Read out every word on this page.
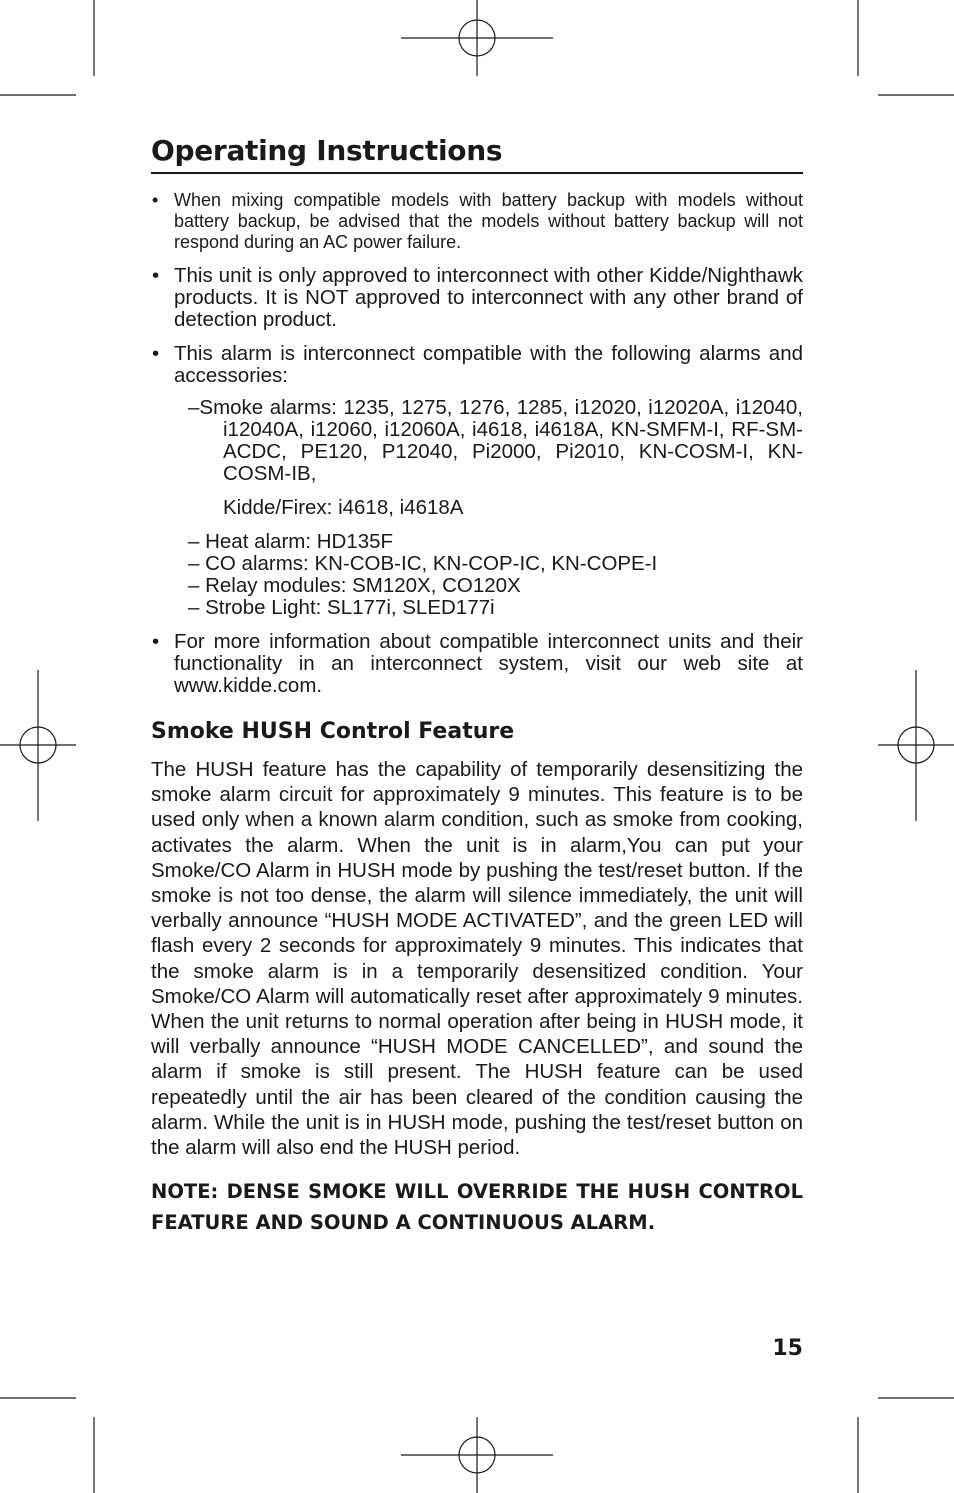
Operating Instructions
• When mixing compatible models with battery backup with models without battery backup, be advised that the models without battery backup will not respond during an AC power failure.
• This unit is only approved to interconnect with other Kidde/Nighthawk products. It is NOT approved to interconnect with any other brand of detection product.
• This alarm is interconnect compatible with the following alarms and accessories:

–Smoke alarms: 1235, 1275, 1276, 1285, i12020, i12020A, i12040, i12040A, i12060, i12060A, i4618, i4618A, KN-SMFM-I, RF-SM-ACDC, PE120, P12040, Pi2000, Pi2010, KN-COSM-I, KN-COSM-IB,

Kidde/Firex: i4618, i4618A

– Heat alarm: HD135F
– CO alarms: KN-COB-IC, KN-COP-IC, KN-COPE-I
– Relay modules: SM120X, CO120X
– Strobe Light: SL177i, SLED177i
• For more information about compatible interconnect units and their functionality in an interconnect system, visit our web site at www.kidde.com.
Smoke HUSH Control Feature

The HUSH feature has the capability of temporarily desensitizing the smoke alarm circuit for approximately 9 minutes. This feature is to be used only when a known alarm condition, such as smoke from cooking, activates the alarm. When the unit is in alarm,You can put your Smoke/CO Alarm in HUSH mode by pushing the test/reset button. If the smoke is not too dense, the alarm will silence immediately, the unit will verbally announce “HUSH MODE ACTIVATED”, and the green LED will flash every 2 seconds for approximately 9 minutes. This indicates that the smoke alarm is in a temporarily desensitized condition. Your Smoke/CO Alarm will automatically reset after approximately 9 minutes. When the unit returns to normal operation after being in HUSH mode, it will verbally announce “HUSH MODE CANCELLED”, and sound the alarm if smoke is still present. The HUSH feature can be used repeatedly until the air has been cleared of the condition causing the alarm. While the unit is in HUSH mode, pushing the test/reset button on the alarm will also end the HUSH period.

NOTE: DENSE SMOKE WILL OVERRIDE THE HUSH CONTROL FEATURE AND SOUND A CONTINUOUS ALARM.

15
